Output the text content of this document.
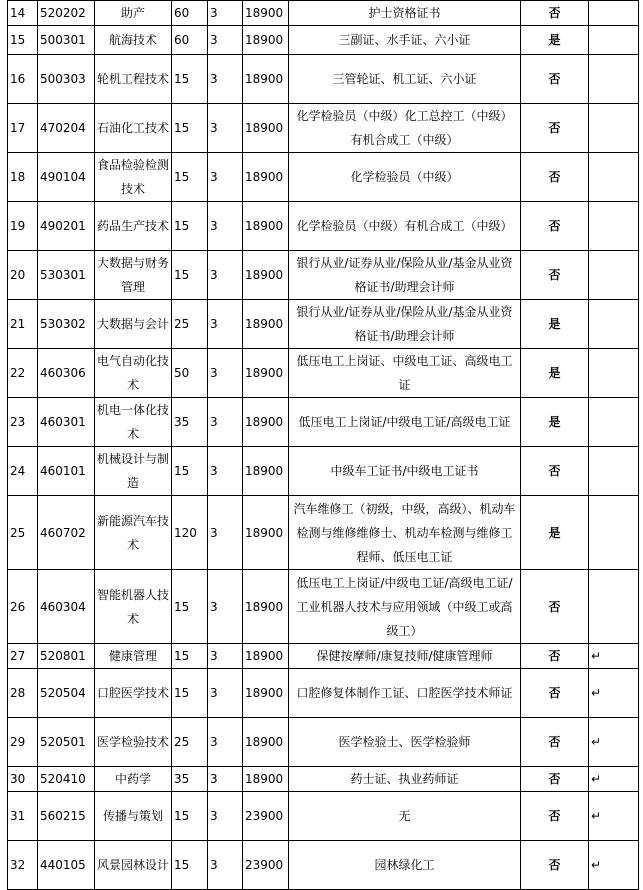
14	520202	助产	60	3	18900	护士资格证书	否	
15	500301	航海技术	60	3	18900	三副证、水手证、六小证	是	
16	500303	轮机工程技术	15	3	18900	三管轮证、机工证、六小证	否	
17	470204	石油化工技术	15	3	18900	化学检验员（中级）化工总控工（中级）有机合成工（中级）	否	
18	490104	食品检验检测技术	15	3	18900	化学检验员（中级）	否	
19	490201	药品生产技术	15	3	18900	化学检验员（中级）有机合成工（中级）	否	
20	530301	大数据与财务管理	15	3	18900	银行从业/证券从业/保险从业/基金从业资格证书/助理会计师	否	
21	530302	大数据与会计	25	3	18900	银行从业/证券从业/保险从业/基金从业资格证书/助理会计师	是	
22	460306	电气自动化技术	50	3	18900	低压电工上岗证、中级电工证、高级电工证	是	
23	460301	机电一体化技术	35	3	18900	低压电工上岗证/中级电工证/高级电工证	是	
24	460101	机械设计与制造	15	3	18900	中级车工证书/中级电工证书	否	
25	460702	新能源汽车技术	120	3	18900	汽车维修工（初级，中级，高级）、机动车检测与维修维修士、机动车检测与维修工程师、低压电工证	是	
26	460304	智能机器人技术	15	3	18900	低压电工上岗证/中级电工证/高级电工证/工业机器人技术与应用领域（中级工或高级工）	否	
27	520801	健康管理	15	3	18900	保健按摩师/康复技师/健康管理师	否	↵
28	520504	口腔医学技术	15	3	18900	口腔修复体制作工证、口腔医学技术师证	否	↵
29	520501	医学检验技术	25	3	18900	医学检验士、医学检验师	否	↵
30	520410	中药学	35	3	18900	药士证、执业药师证	否	↵
31	560215	传播与策划	15	3	23900	无	否	↵
32	440105	风景园林设计	15	3	23900	园林绿化工	否	↵
